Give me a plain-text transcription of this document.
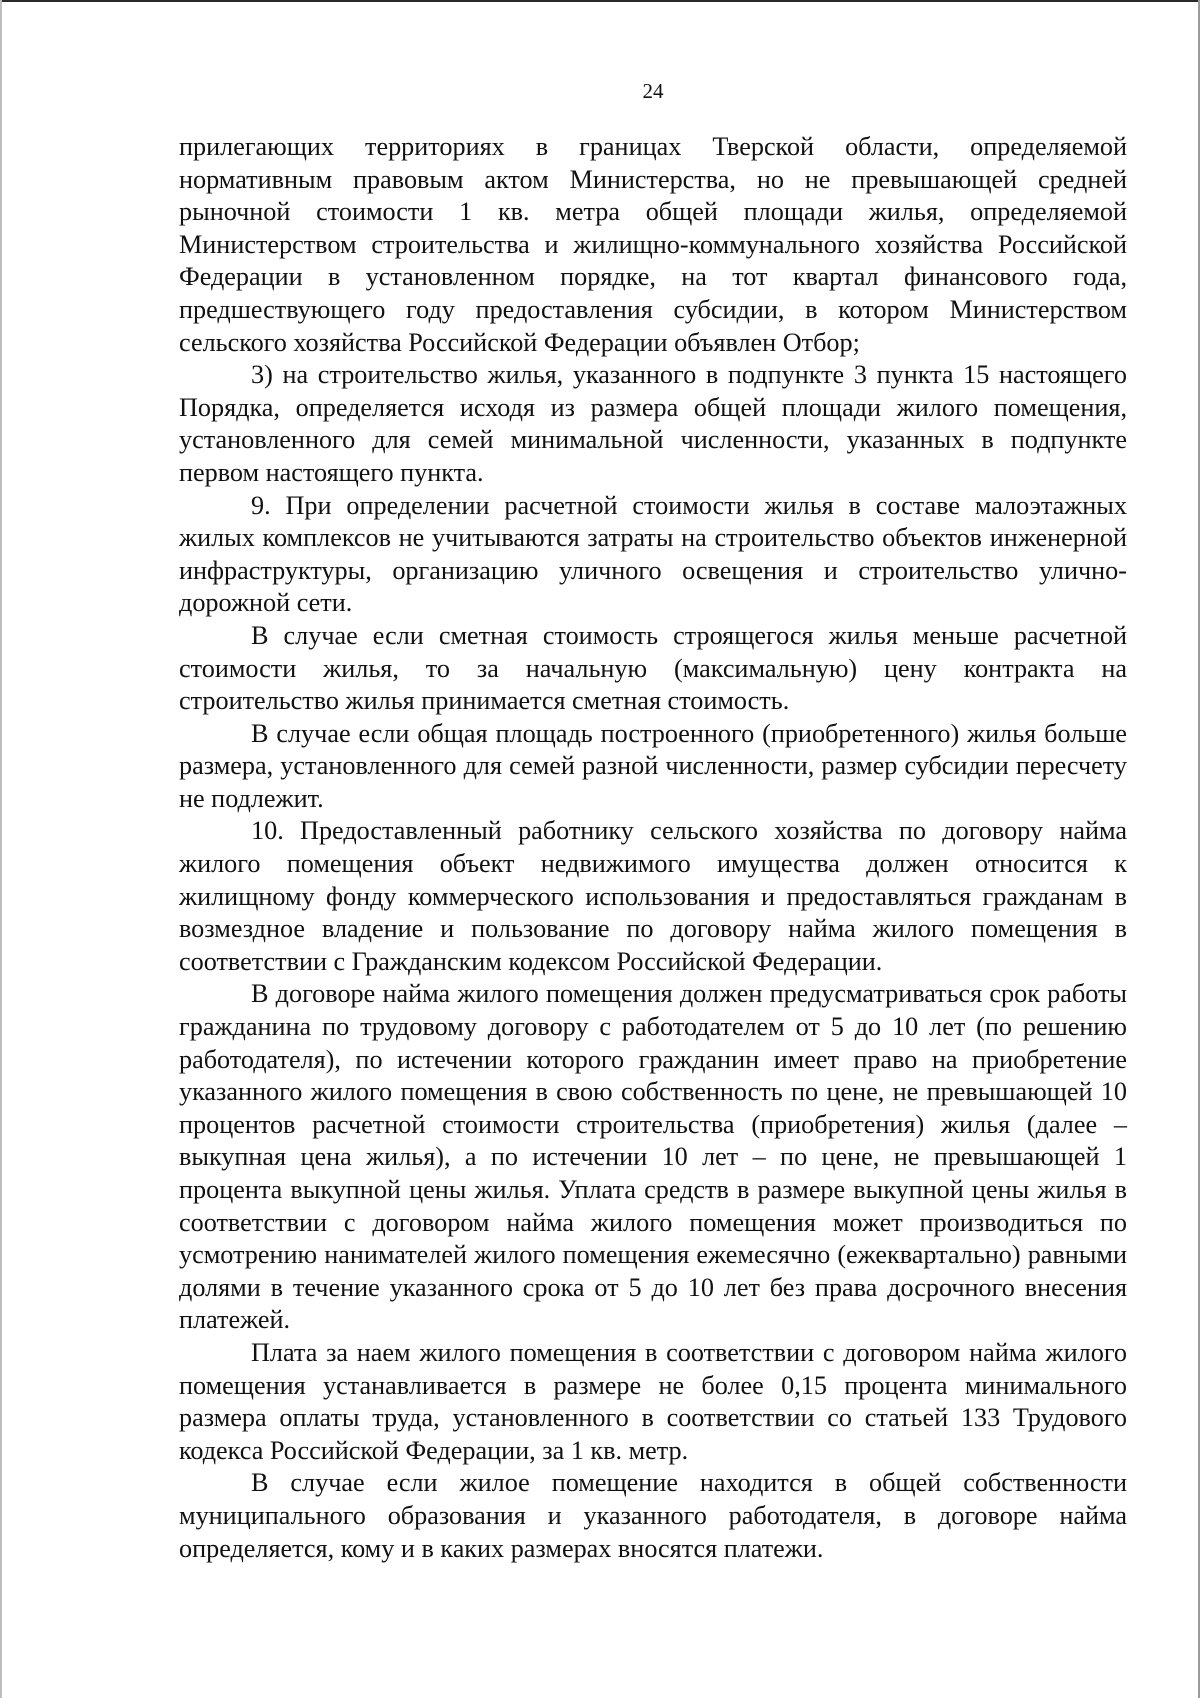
24

прилегающих территориях в границах Тверской области, определяемой нормативным правовым актом Министерства, но не превышающей средней рыночной стоимости 1 кв. метра общей площади жилья, определяемой Министерством строительства и жилищно-коммунального хозяйства Российской Федерации в установленном порядке, на тот квартал финансового года, предшествующего году предоставления субсидии, в котором Министерством сельского хозяйства Российской Федерации объявлен Отбор;

3) на строительство жилья, указанного в подпункте 3 пункта 15 настоящего Порядка, определяется исходя из размера общей площади жилого помещения, установленного для семей минимальной численности, указанных в подпункте первом настоящего пункта.

9. При определении расчетной стоимости жилья в составе малоэтажных жилых комплексов не учитываются затраты на строительство объектов инженерной инфраструктуры, организацию уличного освещения и строительство улично-дорожной сети.

В случае если сметная стоимость строящегося жилья меньше расчетной стоимости жилья, то за начальную (максимальную) цену контракта на строительство жилья принимается сметная стоимость.

В случае если общая площадь построенного (приобретенного) жилья больше размера, установленного для семей разной численности, размер субсидии пересчету не подлежит.

10. Предоставленный работнику сельского хозяйства по договору найма жилого помещения объект недвижимого имущества должен относится к жилищному фонду коммерческого использования и предоставляться гражданам в возмездное владение и пользование по договору найма жилого помещения в соответствии с Гражданским кодексом Российской Федерации.

В договоре найма жилого помещения должен предусматриваться срок работы гражданина по трудовому договору с работодателем от 5 до 10 лет (по решению работодателя), по истечении которого гражданин имеет право на приобретение указанного жилого помещения в свою собственность по цене, не превышающей 10 процентов расчетной стоимости строительства (приобретения) жилья (далее – выкупная цена жилья), а по истечении 10 лет – по цене, не превышающей 1 процента выкупной цены жилья. Уплата средств в размере выкупной цены жилья в соответствии с договором найма жилого помещения может производиться по усмотрению нанимателей жилого помещения ежемесячно (ежеквартально) равными долями в течение указанного срока от 5 до 10 лет без права досрочного внесения платежей.

Плата за наем жилого помещения в соответствии с договором найма жилого помещения устанавливается в размере не более 0,15 процента минимального размера оплаты труда, установленного в соответствии со статьей 133 Трудового кодекса Российской Федерации, за 1 кв. метр.

В случае если жилое помещение находится в общей собственности муниципального образования и указанного работодателя, в договоре найма определяется, кому и в каких размерах вносятся платежи.
